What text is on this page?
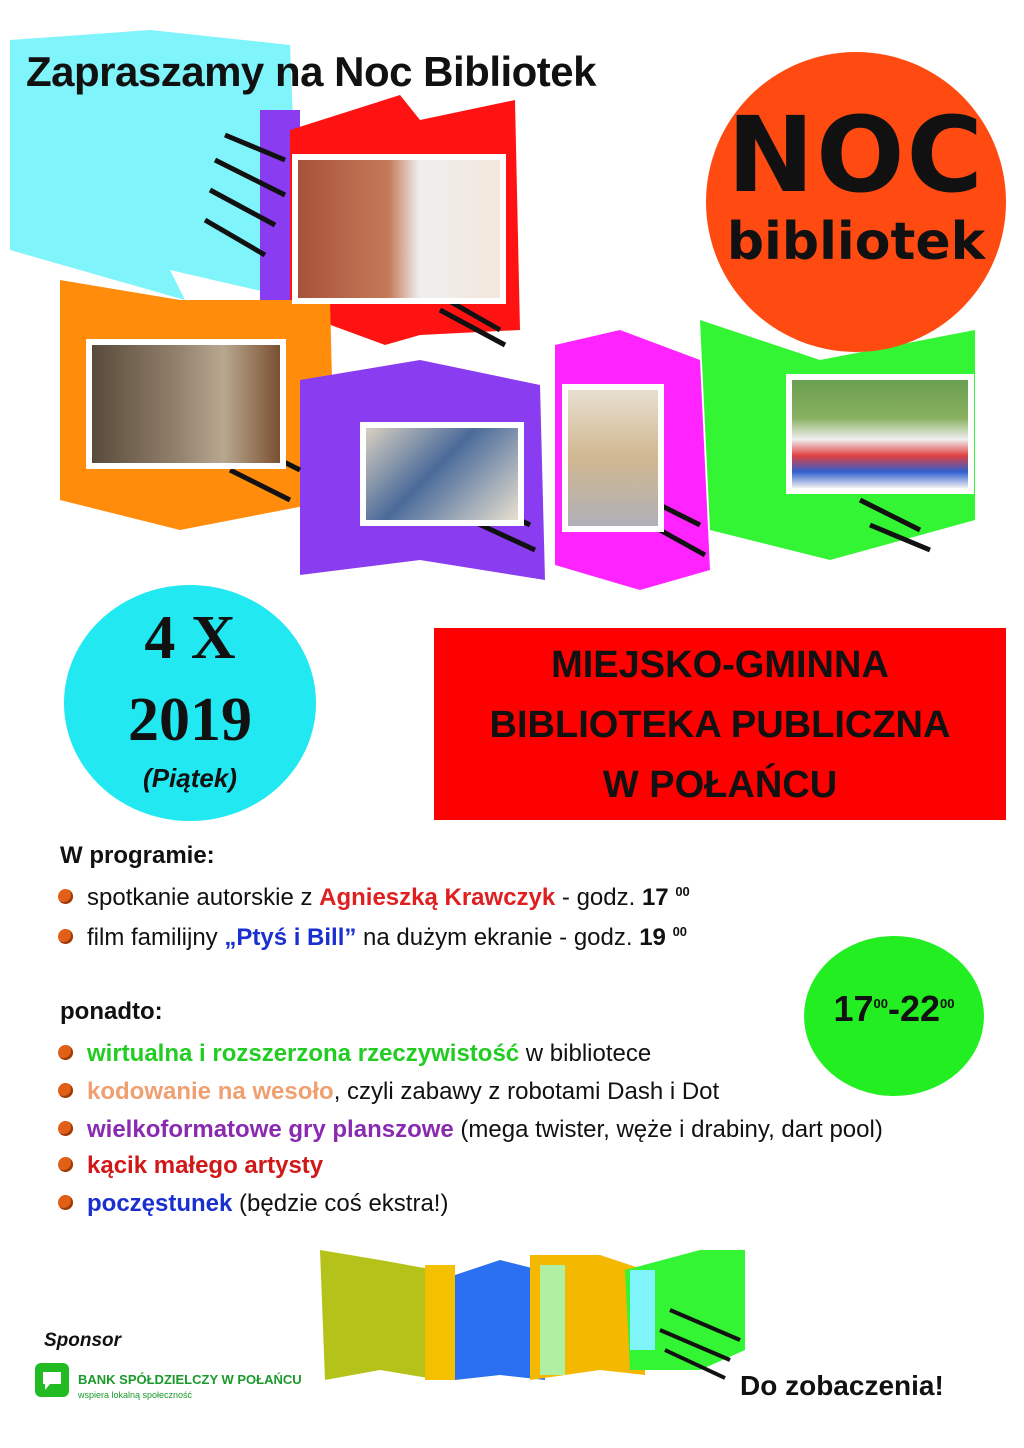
Zapraszamy na Noc Bibliotek
NOC
bibliotek
4 X
2019
(Piątek)
MIEJSKO-GMINNA
BIBLIOTEKA PUBLICZNA
W POŁAŃCU
W programie:
spotkanie autorskie z Agnieszką Krawczyk - godz. 17 $^{00}$
film familijny „Ptyś i Bill” na dużym ekranie - godz. 19 $^{00}$
$17^{00}-22^{00}$
ponadto:
wirtualna i rozszerzona rzeczywistość w bibliotece
kodowanie na wesoło, czyli zabawy z robotami Dash i Dot
wielkoformatowe gry planszowe (mega twister, węże i drabiny, dart pool)
kącik małego artysty
poczęstunek (będzie coś ekstra!)
Sponsor
BANK SPÓŁDZIELCZY W POŁAŃCU
wspiera lokalną społeczność	Do zobaczenia!
